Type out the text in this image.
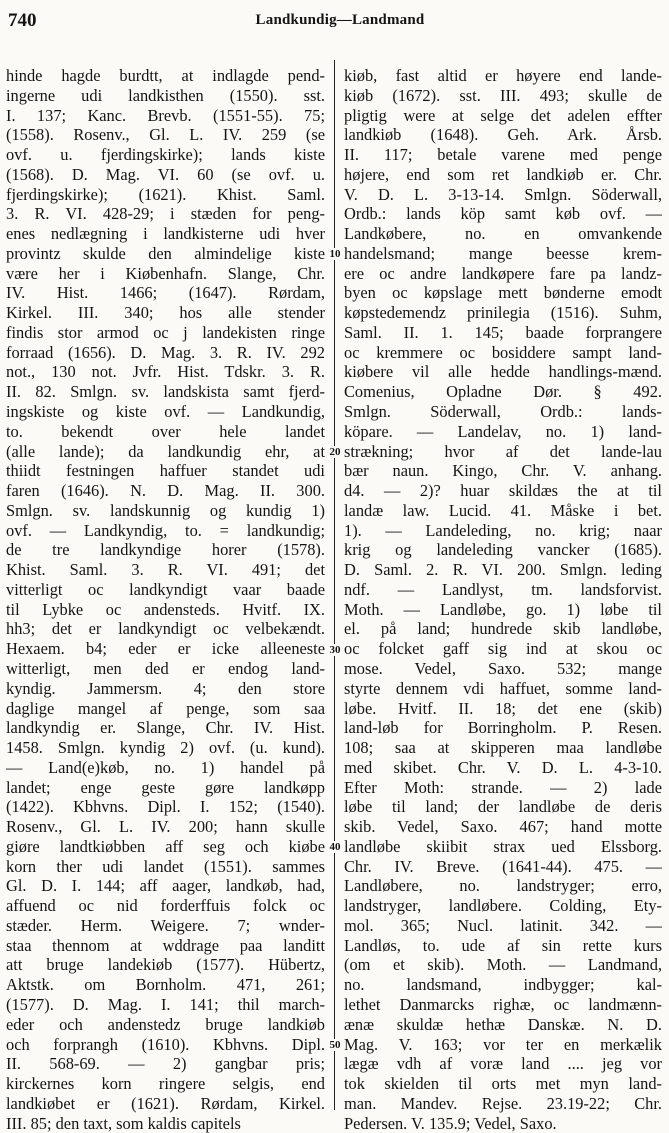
740	Landkundig—Landmand
hinde hagde burdtt, at indlagde pend-
ingerne udi landkisthen (1550). sst.
I. 137; Kanc. Brevb. (1551-55). 75;
(1558). Rosenv., Gl. L. IV. 259 (se
ovf. u. fjerdingskirke); lands kiste
(1568). D. Mag. VI. 60 (se ovf. u.
fjerdingskirke); (1621). Khist. Saml.
3. R. VI. 428-29; i stæden for peng-
enes nedlægning i landkisterne udi hver
provintz skulde den almindelige kiste
være her i Kiøbenhafn. Slange, Chr.
IV. Hist. 1466; (1647). Rørdam,
Kirkel. III. 340; hos alle stender
findis stor armod oc j landekisten ringe
forraad (1656). D. Mag. 3. R. IV. 292
not., 130 not. Jvfr. Hist. Tdskr. 3. R.
II. 82. Smlgn. sv. landskista samt fjerd-
ingskiste og kiste ovf. — Landkundig,
to. bekendt over hele landet
(alle lande); da landkundig ehr, at
thiidt festningen haffuer standet udi
faren (1646). N. D. Mag. II. 300.
Smlgn. sv. landskunnig og kundig 1)
ovf. — Landkyndig, to. = landkundig;
de tre landkyndige horer (1578).
Khist. Saml. 3. R. VI. 491; det
vitterligt oc landkyndigt vaar baade
til Lybke oc andensteds. Hvitf. IX.
hh3; det er landkyndigt oc velbekændt.
Hexaem. b4; eder er icke alleeneste
witterligt, men ded er endog land-
kyndig. Jammersm. 4; den store
daglige mangel af penge, som saa
landkyndig er. Slange, Chr. IV. Hist.
1458. Smlgn. kyndig 2) ovf. (u. kund).
— Land(e)køb, no. 1) handel på
landet; enge geste gøre landkøpp
(1422). Kbhvns. Dipl. I. 152; (1540).
Rosenv., Gl. L. IV. 200; hann skulle
giøre landtkiøbben aff seg och kiøbe
korn ther udi landet (1551). sammes
Gl. D. I. 144; aff aager, landkøb, had,
affuend oc nid forderffuis folck oc
stæder. Herm. Weigere. 7; wnder-
staa thennom at wddrage paa landitt
att bruge landekiøb (1577). Hübertz,
Aktstk. om Bornholm. 471, 261;
(1577). D. Mag. I. 141; thil march-
eder och andenstedz bruge landkiøb
och forprangh (1610). Kbhvns. Dipl.
II. 568-69. — 2) gangbar pris;
kirckernes korn ringere selgis, end
landkiøbet er (1621). Rørdam, Kirkel.
III. 85; den taxt, som kaldis capitels
kiøb, fast altid er høyere end lande-
kiøb (1672). sst. III. 493; skulle de
pligtig were at selge det adelen effter
landkiøb (1648). Geh. Ark. Årsb.
II. 117; betale varene med penge
højere, end som ret landkiøb er. Chr.
V. D. L. 3-13-14. Smlgn. Söderwall,
Ordb.: lands köp samt køb ovf. —
Landkøbere, no. en omvankende
handelsmand; mange beesse krem-
ere oc andre landkøpere fare pa landz-
byen oc køpslage mett bønderne emodt
køpstedemendz prinilegia (1516). Suhm,
Saml. II. 1. 145; baade forprangere
oc kremmere oc bosiddere sampt land-
kiøbere vil alle hedde handlings-mænd.
Comenius, Opladne Dør. § 492.
Smlgn. Söderwall, Ordb.: lands-
köpare. — Landelav, no. 1) land-
strækning; hvor af det lande-lau
bær naun. Kingo, Chr. V. anhang.
d4. — 2)? huar skildæs the at til
landæ law. Lucid. 41. Måske i bet.
1). — Landeleding, no. krig; naar
krig og landeleding vancker (1685).
D. Saml. 2. R. VI. 200. Smlgn. leding
ndf. — Landlyst, tm. landsforvist.
Moth. — Landløbe, go. 1) løbe til
el. på land; hundrede skib landløbe,
oc folcket gaff sig ind at skou oc
mose. Vedel, Saxo. 532; mange
styrte dennem vdi haffuet, somme land-
løbe. Hvitf. II. 18; det ene (skib)
land-løb for Borringholm. P. Resen.
108; saa at skipperen maa landløbe
med skibet. Chr. V. D. L. 4-3-10.
Efter Moth: strande. — 2) lade
løbe til land; der landløbe de deris
skib. Vedel, Saxo. 467; hand motte
landløbe skiibit strax ued Elssborg.
Chr. IV. Breve. (1641-44). 475. —
Landløbere, no. landstryger; erro,
landstryger, landløbere. Colding, Ety-
mol. 365; Nucl. latinit. 342. —
Landløs, to. ude af sin rette kurs
(om et skib). Moth. — Landmand,
no. landsmand, indbygger; kal-
lethet Danmarcks righæ, oc landmænn-
ænæ skuldæ hethæ Danskæ. N. D.
Mag. V. 163; vor ter en merkælik
lægæ vdh af voræ land .... jeg vor
tok skielden til orts met myn land-
man. Mandev. Rejse. 23.19-22; Chr.
Pedersen. V. 135.9; Vedel, Saxo.
10
20
30
40
50
